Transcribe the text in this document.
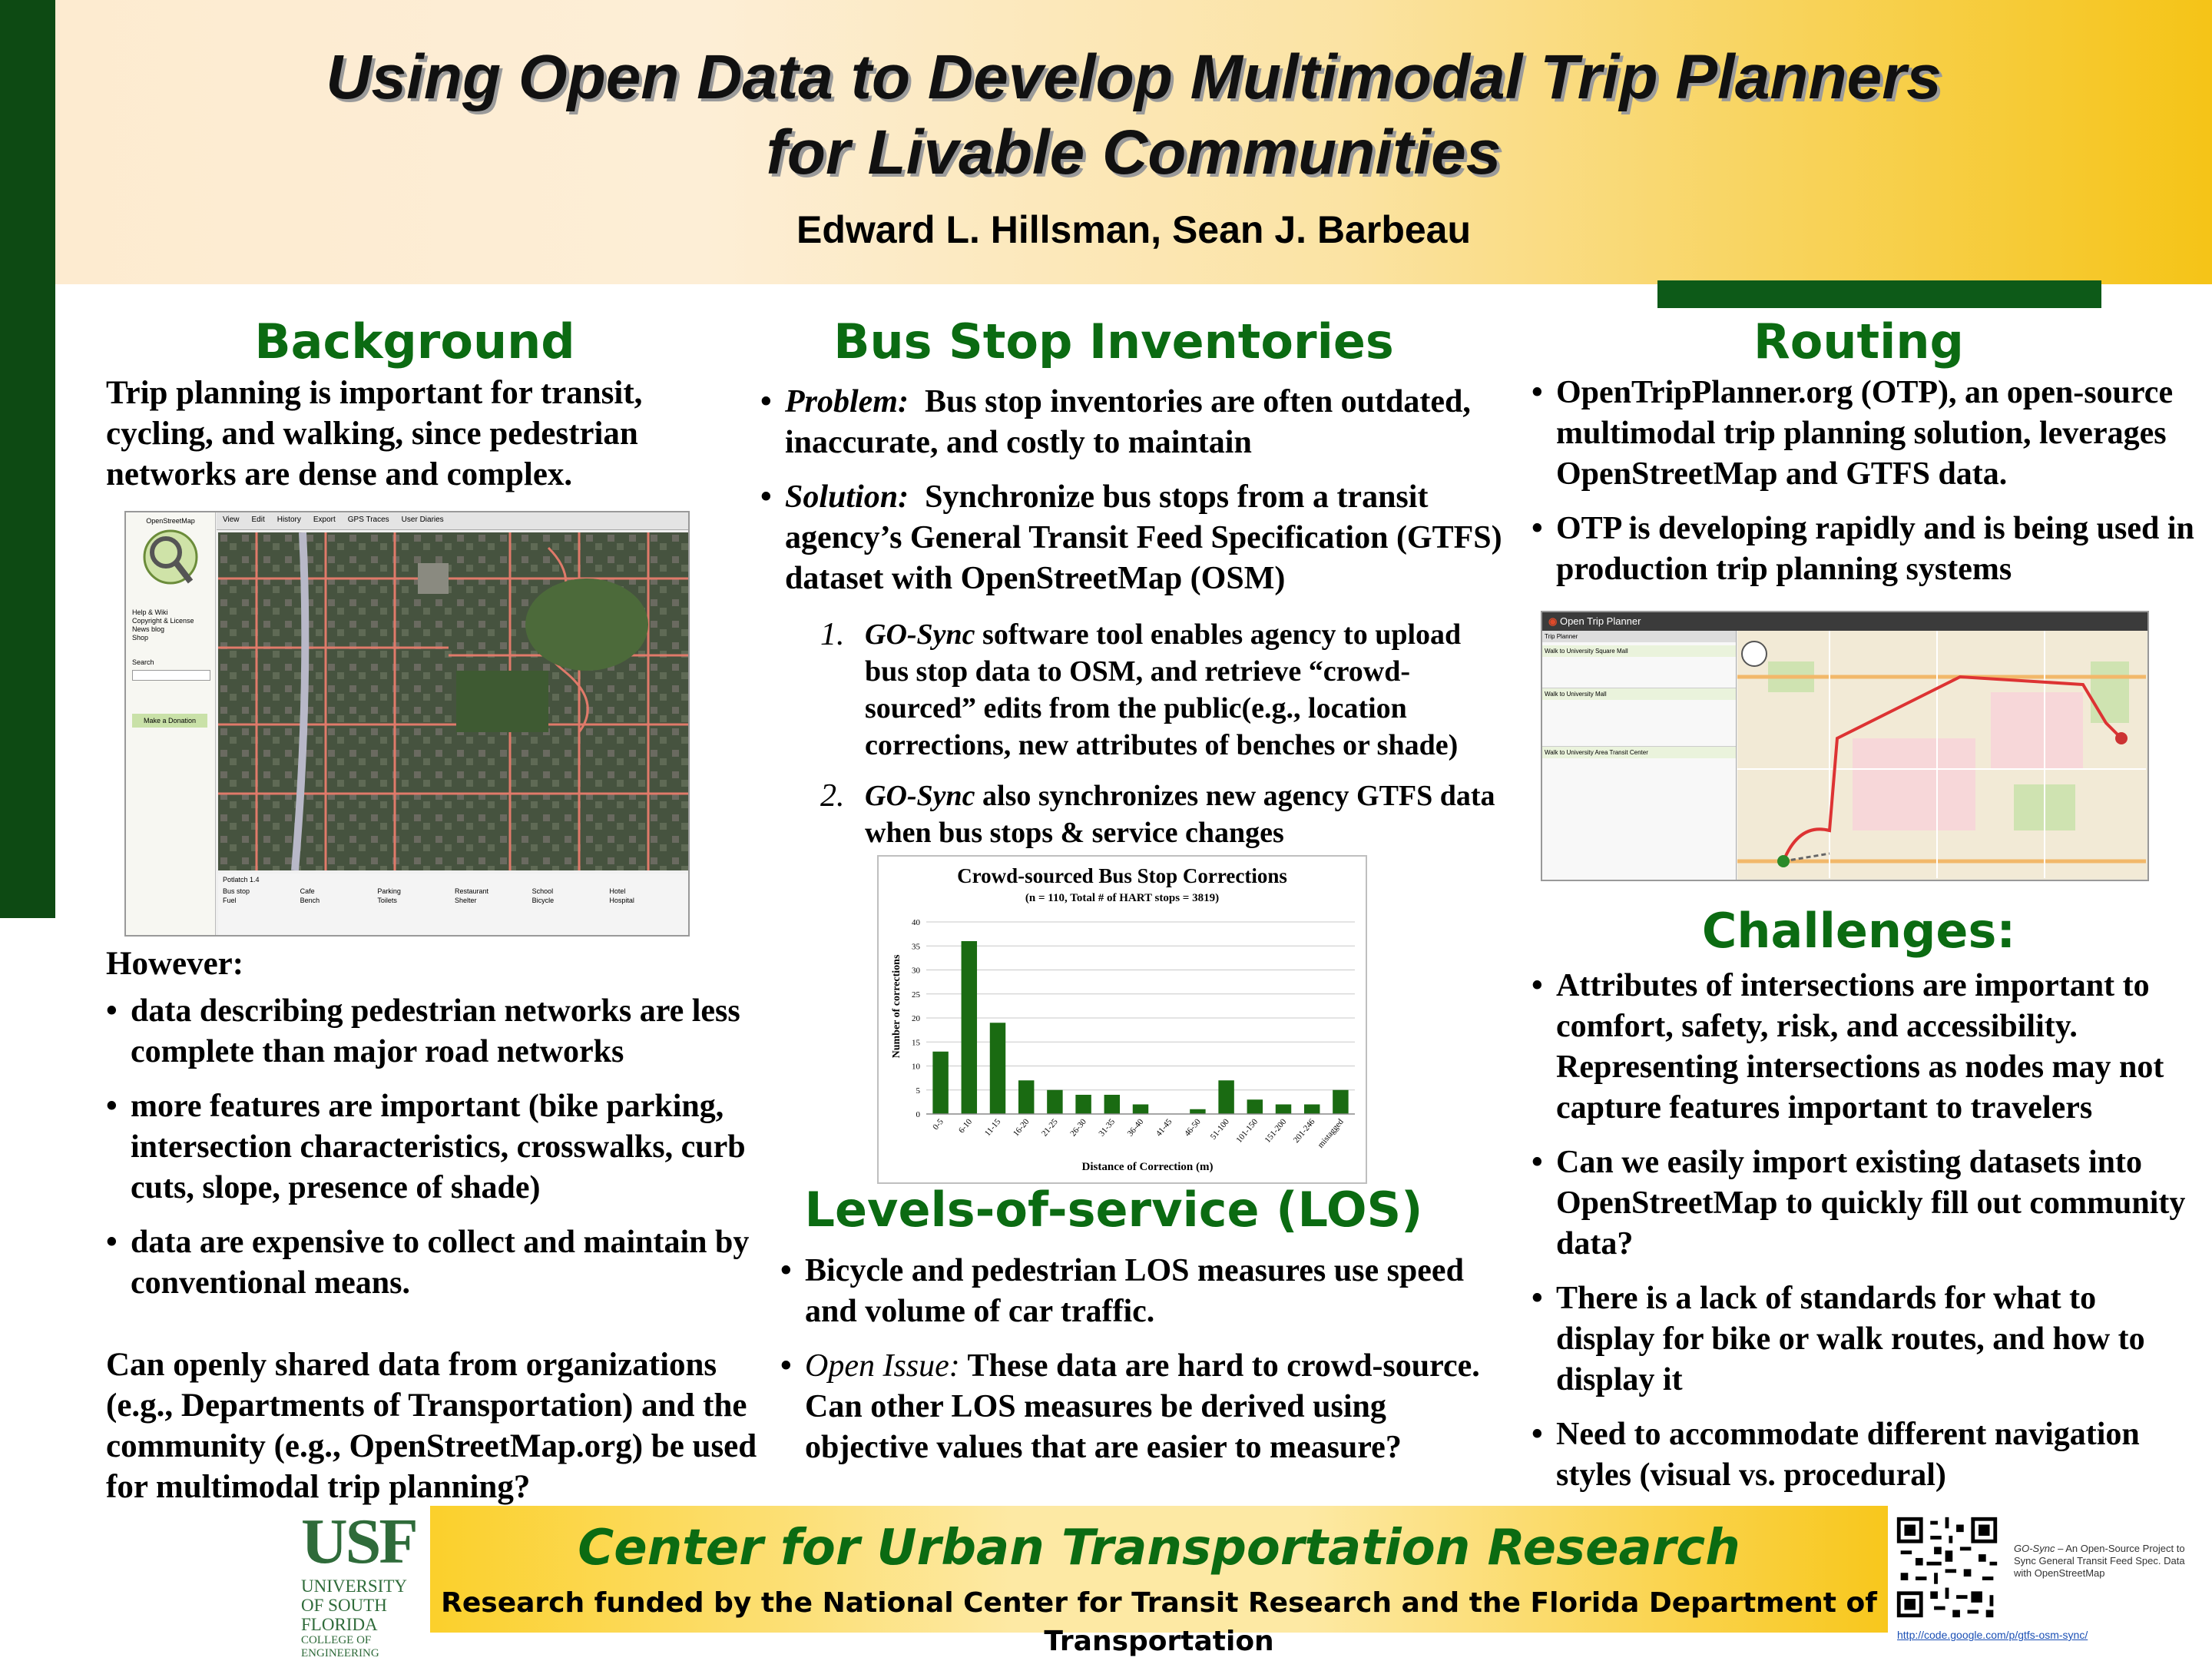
Using Open Data to Develop Multimodal Trip Planners
for Livable Communities
Edward L. Hillsman, Sean J. Barbeau
Background
Trip planning is important for transit, cycling, and walking, since pedestrian networks are dense and complex.
OpenStreetMap
Help & Wiki
Copyright & License
News blog
Shop
Search
Make a Donation
View Edit History Export GPS Traces User Diaries
Potlatch 1.4
Bus stop	Cafe	Parking	Restaurant	School	Hotel
Fuel	Bench	Toilets	Shelter	Bicycle	Hospital
However:
• data describing pedestrian networks are less complete than major road networks
• more features are important (bike parking, intersection characteristics, crosswalks, curb cuts, slope, presence of shade)
• data are expensive to collect and maintain by conventional means.
Can openly shared data from organizations (e.g., Departments of Transportation) and the community (e.g., OpenStreetMap.org) be used for multimodal trip planning?
Bus Stop Inventories
• Problem: Bus stop inventories are often outdated, inaccurate, and costly to maintain
• Solution: Synchronize bus stops from a transit agency’s General Transit Feed Specification (GTFS) dataset with OpenStreetMap (OSM)
1. GO-Sync software tool enables agency to upload bus stop data to OSM, and retrieve “crowd-sourced” edits from the public(e.g., location corrections, new attributes of benches or shade)
2. GO-Sync also synchronizes new agency GTFS data when bus stops & service changes
Crowd-sourced Bus Stop Corrections
(n = 110, Total # of HART stops = 3819)
0
5
10
15
20
25
30
35
40
0-5 6-10 11-15 16-20 21-25 26-30 31-35 36-40 41-45 46-50 51-100 101-150 151-200 201-246
mistagged
Number of corrections
Distance of Correction (m)
Levels-of-service (LOS)
• Bicycle and pedestrian LOS measures use speed and volume of car traffic.
• Open Issue: These data are hard to crowd-source. Can other LOS measures be derived using objective values that are easier to measure?
Routing
• OpenTripPlanner.org (OTP), an open-source multimodal trip planning solution, leverages OpenStreetMap and GTFS data.
• OTP is developing rapidly and is being used in production trip planning systems
◉ Open Trip Planner
Trip Planner
Walk to University Square Mall
Walk to University Mall
Walk to University Area Transit Center
Challenges:
• Attributes of intersections are important to comfort, safety, risk, and accessibility. Representing intersections as nodes may not capture features important to travelers
• Can we easily import existing datasets into OpenStreetMap to quickly fill out community data?
• There is a lack of standards for what to display for bike or walk routes, and how to display it
• Need to accommodate different navigation styles (visual vs. procedural)
USF
UNIVERSITY OF SOUTH FLORIDA
COLLEGE OF ENGINEERING
Center for Urban Transportation Research
Research funded by the National Center for Transit Research and the Florida Department of Transportation
GO-Sync – An Open-Source Project to Sync General Transit Feed Spec. Data with OpenStreetMap
http://code.google.com/p/gtfs-osm-sync/
